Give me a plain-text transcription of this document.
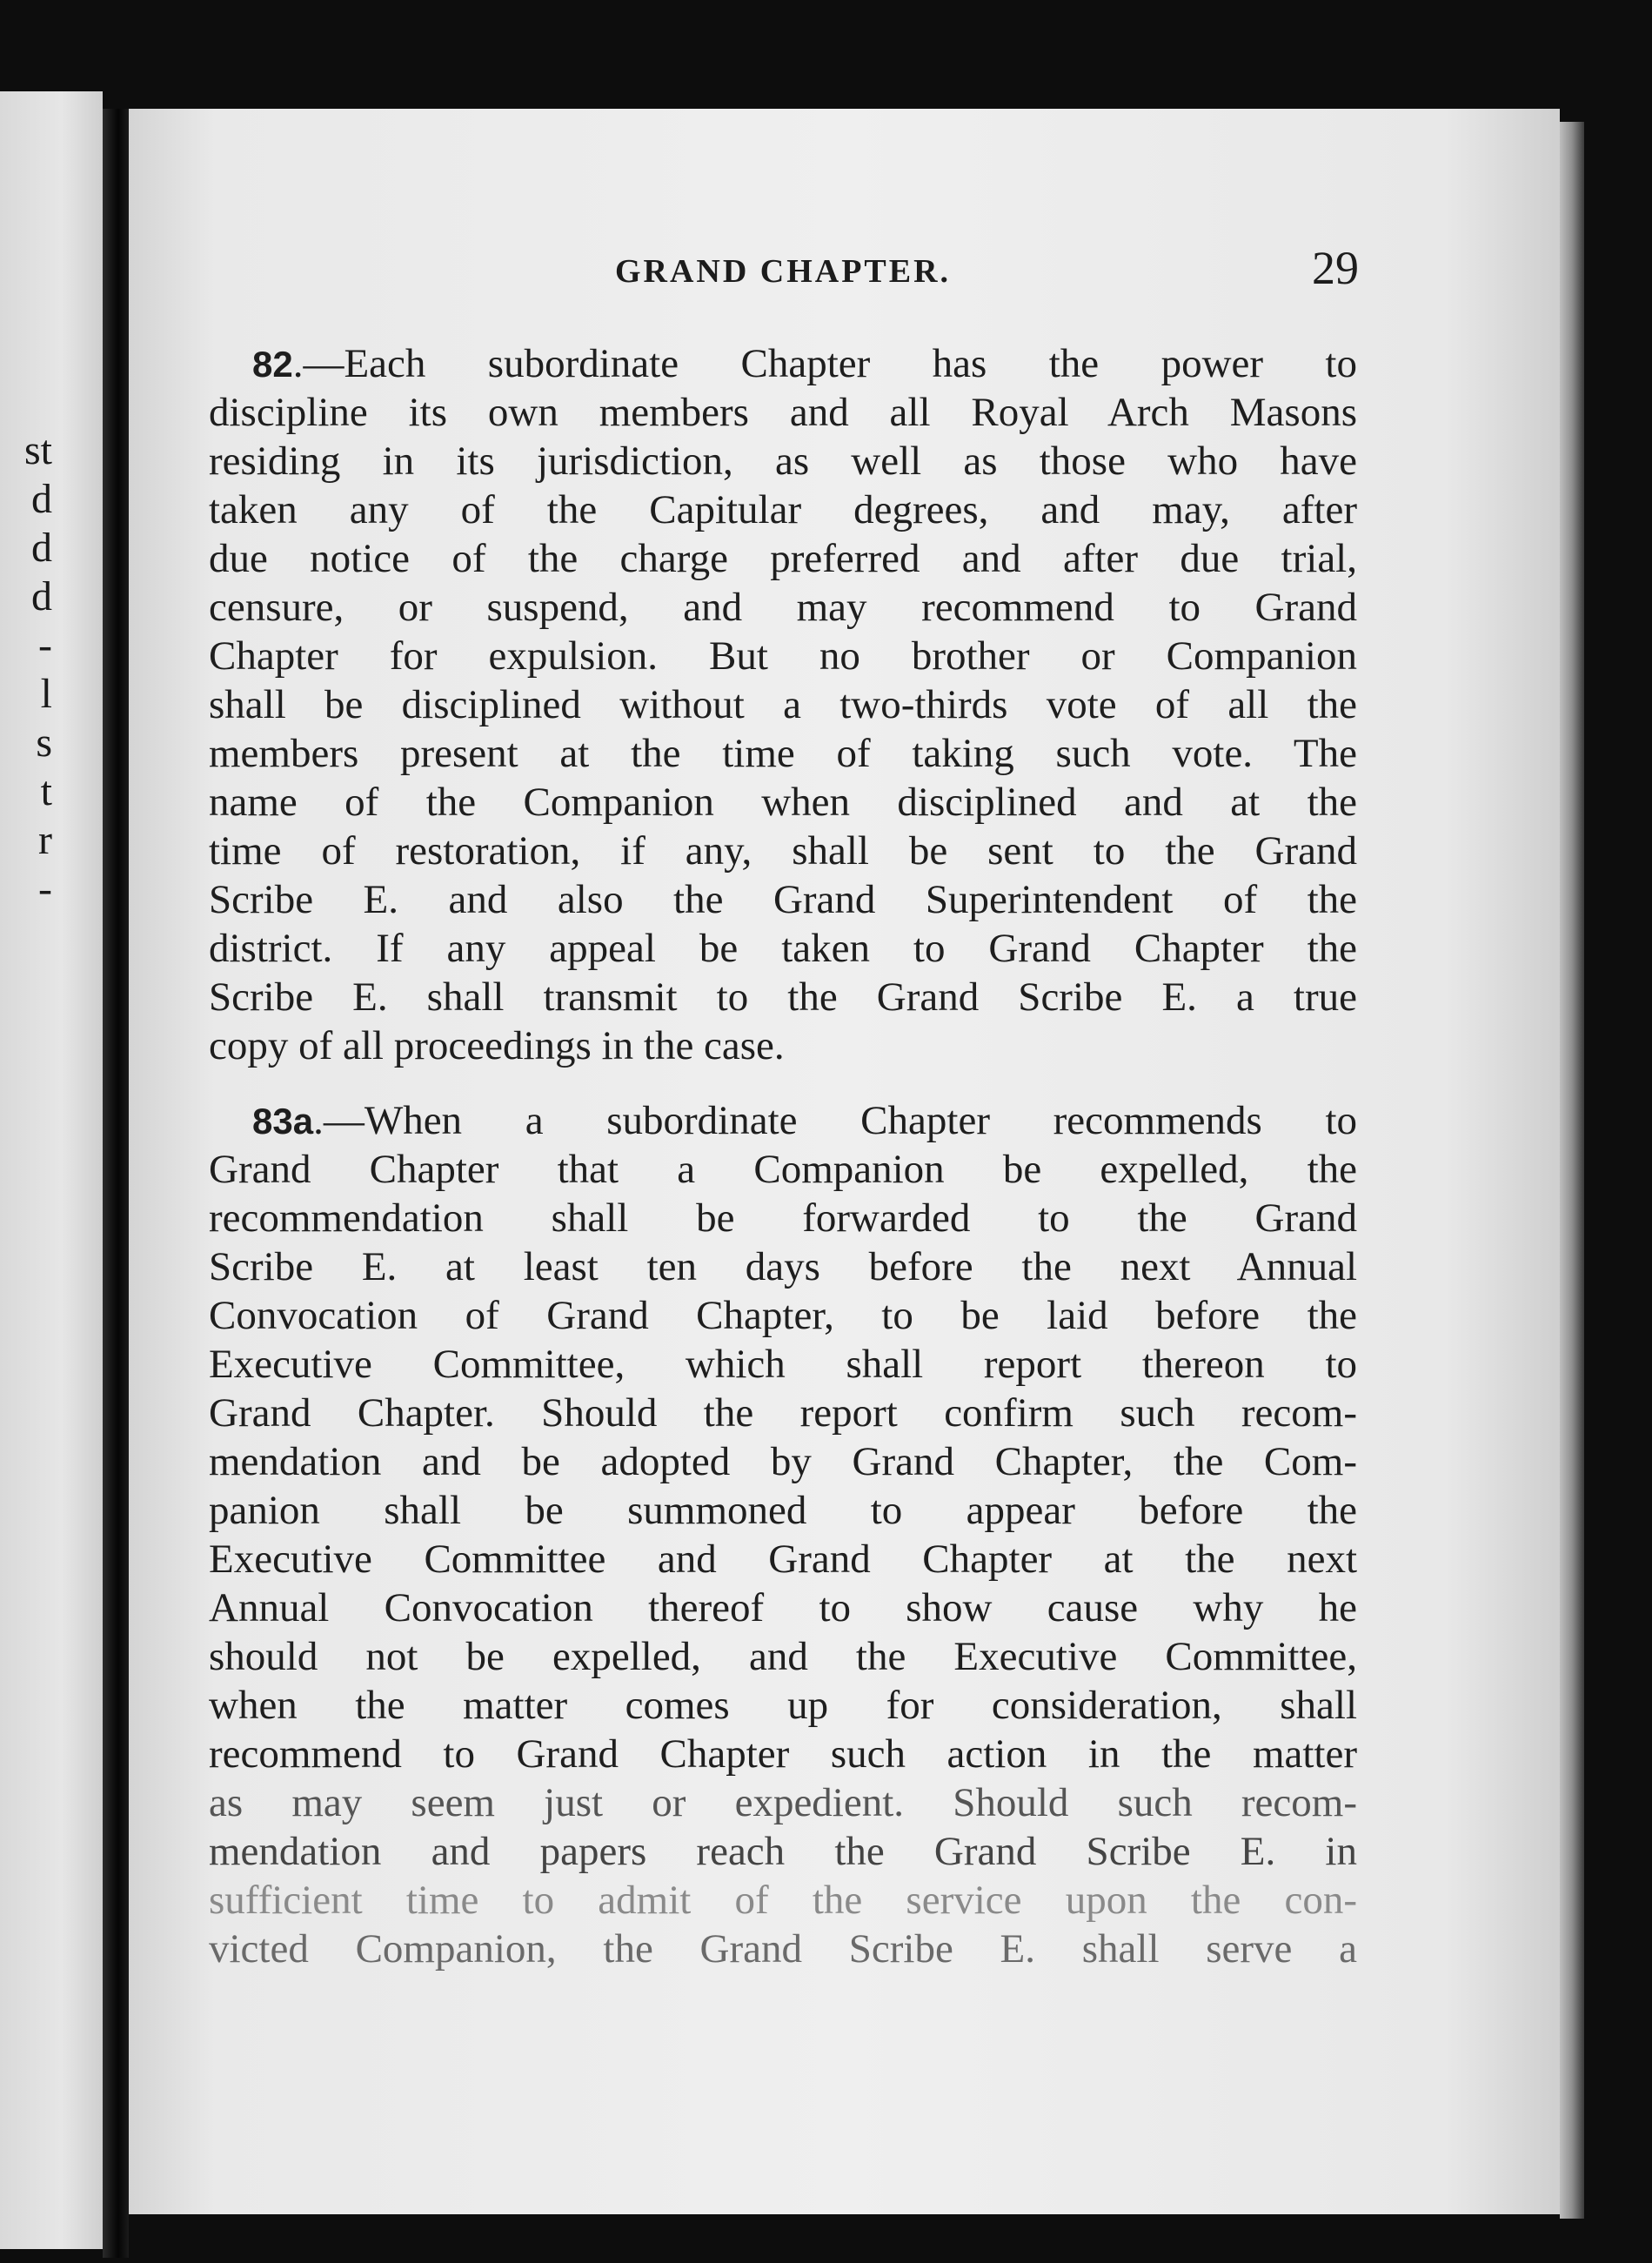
st
d
d
d
-
l
s
t
r
-
GRAND CHAPTER.	29
82.—Each subordinate Chapter has the power to
discipline its own members and all Royal Arch Masons
residing in its jurisdiction, as well as those who have
taken any of the Capitular degrees, and may, after
due notice of the charge preferred and after due trial,
censure, or suspend, and may recommend to Grand
Chapter for expulsion. But no brother or Companion
shall be disciplined without a two-thirds vote of all the
members present at the time of taking such vote. The
name of the Companion when disciplined and at the
time of restoration, if any, shall be sent to the Grand
Scribe E. and also the Grand Superintendent of the
district. If any appeal be taken to Grand Chapter the
Scribe E. shall transmit to the Grand Scribe E. a true
copy of all proceedings in the case.
83a.—When a subordinate Chapter recommends to
Grand Chapter that a Companion be expelled, the
recommendation shall be forwarded to the Grand
Scribe E. at least ten days before the next Annual
Convocation of Grand Chapter, to be laid before the
Executive Committee, which shall report thereon to
Grand Chapter. Should the report confirm such recom-
mendation and be adopted by Grand Chapter, the Com-
panion shall be summoned to appear before the
Executive Committee and Grand Chapter at the next
Annual Convocation thereof to show cause why he
should not be expelled, and the Executive Committee,
when the matter comes up for consideration, shall
recommend to Grand Chapter such action in the matter
as may seem just or expedient. Should such recom-
mendation and papers reach the Grand Scribe E. in
sufficient time to admit of the service upon the con-
victed Companion, the Grand Scribe E. shall serve a
